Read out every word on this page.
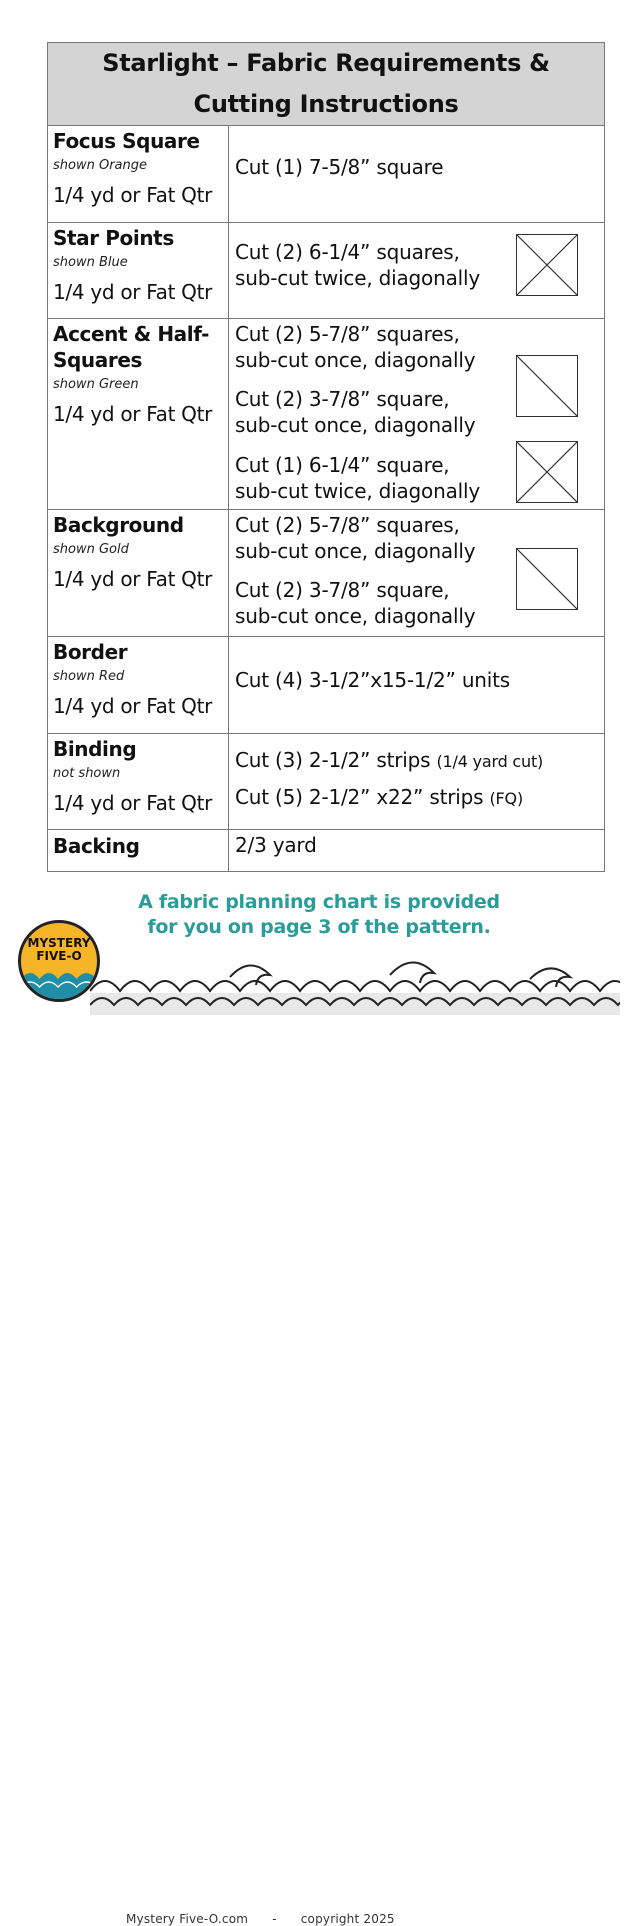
Starlight – Fabric Requirements &
Cutting Instructions
Focus Square
shown Orange
1/4 yd or Fat Qtr
Cut (1) 7-5/8” square
Star Points
shown Blue
1/4 yd or Fat Qtr
Cut (2) 6-1/4” squares,
sub-cut twice, diagonally
Accent & Half-
Squares
shown Green
1/4 yd or Fat Qtr
Cut (2) 5-7/8” squares,
sub-cut once, diagonally
Cut (2) 3-7/8” square,
sub-cut once, diagonally
Cut (1) 6-1/4” square,
sub-cut twice, diagonally
Background
shown Gold
1/4 yd or Fat Qtr
Cut (2) 5-7/8” squares,
sub-cut once, diagonally
Cut (2) 3-7/8” square,
sub-cut once, diagonally
Border
shown Red
1/4 yd or Fat Qtr
Cut (4) 3-1/2”x15-1/2” units
Binding
not shown
1/4 yd or Fat Qtr
Cut (3) 2-1/2” strips (1/4 yard cut)
Cut (5) 2-1/2” x22” strips (FQ)
Backing	2/3 yard
A fabric planning chart is provided
for you on page 3 of the pattern.
Mystery Five-O.com - copyright 2025
MYSTERY
FIVE-O
